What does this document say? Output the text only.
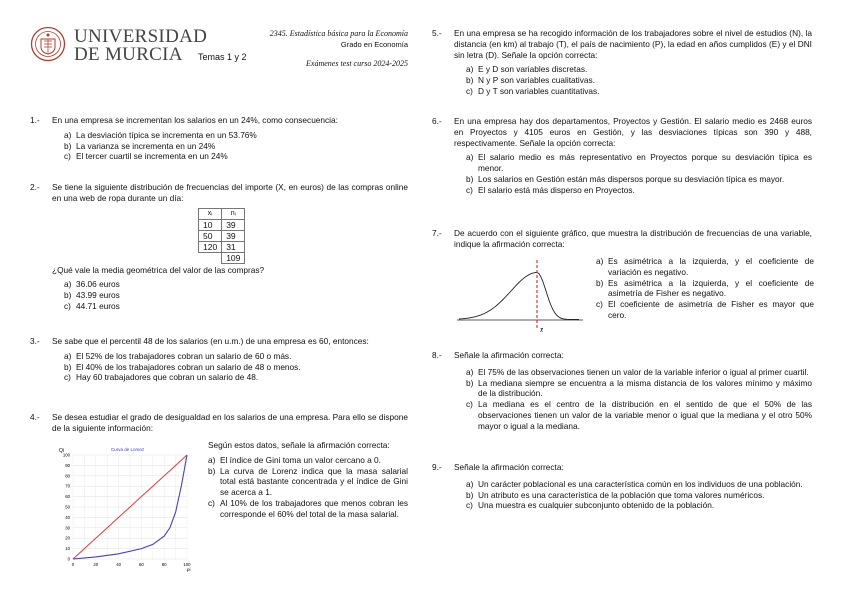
UNIVERSIDAD
DE MURCIA	Temas 1 y 2
2345. Estadística básica para la Economía
Grado en Economía
Exámenes test curso 2024-2025
1.- En una empresa se incrementan los salarios en un 24%, como consecuencia:
a) La desviación típica se incrementa en un 53.76%
b) La varianza se incrementa en un 24%
c) El tercer cuartil se incrementa en un 24%
2.- Se tiene la siguiente distribución de frecuencias del importe (X, en euros) de las compras online en una web de ropa durante un día:
xᵢ	nᵢ
10	39
50	39
120	31
	109
¿Qué vale la media geométrica del valor de las compras?
a) 36.06 euros
b) 43.99 euros
c) 44.71 euros
3.- Se sabe que el percentil 48 de los salarios (en u.m.) de una empresa es 60, entonces:
a) El 52% de los trabajadores cobran un salario de 60 o más.
b) El 40% de los trabajadores cobran un salario de 48 o menos.
c) Hay 60 trabajadores que cobran un salario de 48.
4.- Se desea estudiar el grado de desigualdad en los salarios de una empresa. Para ello se dispone de la siguiente información:
Curva de Lorenz
Qi
pi
100
90
80
70
60
50
40
30
20
10
0
0	20	40	60	80	100
Según estos datos, señale la afirmación correcta:
a) El índice de Gini toma un valor cercano a 0.
b) La curva de Lorenz indica que la masa salarial total está bastante concentrada y el índice de Gini se acerca a 1.
c) Al 10% de los trabajadores que menos cobran les corresponde el 60% del total de la masa salarial.
5.- En una empresa se ha recogido información de los trabajadores sobre el nivel de estudios (N), la distancia (en km) al trabajo (T), el país de nacimiento (P), la edad en años cumplidos (E) y el DNI sin letra (D). Señale la opción correcta:
a) E y D son variables discretas.
b) N y P son variables cualitativas.
c) D y T son variables cuantitativas.
6.- En una empresa hay dos departamentos, Proyectos y Gestión. El salario medio es 2468 euros en Proyectos y 4105 euros en Gestión, y las desviaciones típicas son 390 y 488, respectivamente. Señale la opción correcta:
a) El salario medio es más representativo en Proyectos porque su desviación típica es menor.
b) Los salarios en Gestión están más dispersos porque su desviación típica es mayor.
c) El salario está más disperso en Proyectos.
7.- De acuerdo con el siguiente gráfico, que muestra la distribución de frecuencias de una variable, indique la afirmación correcta:
x̄
a) Es asimétrica a la izquierda, y el coeficiente de variación es negativo.
b) Es asimétrica a la izquierda, y el coeficiente de asimetría de Fisher es negativo.
c) El coeficiente de asimetría de Fisher es mayor que cero.
8.- Señale la afirmación correcta:
a) El 75% de las observaciones tienen un valor de la variable inferior o igual al primer cuartil.
b) La mediana siempre se encuentra a la misma distancia de los valores mínimo y máximo de la distribución.
c) La mediana es el centro de la distribución en el sentido de que el 50% de las observaciones tienen un valor de la variable menor o igual que la mediana y el otro 50% mayor o igual a la mediana.
9.- Señale la afirmación correcta:
a) Un carácter poblacional es una característica común en los individuos de una población.
b) Un atributo es una característica de la población que toma valores numéricos.
c) Una muestra es cualquier subconjunto obtenido de la población.
